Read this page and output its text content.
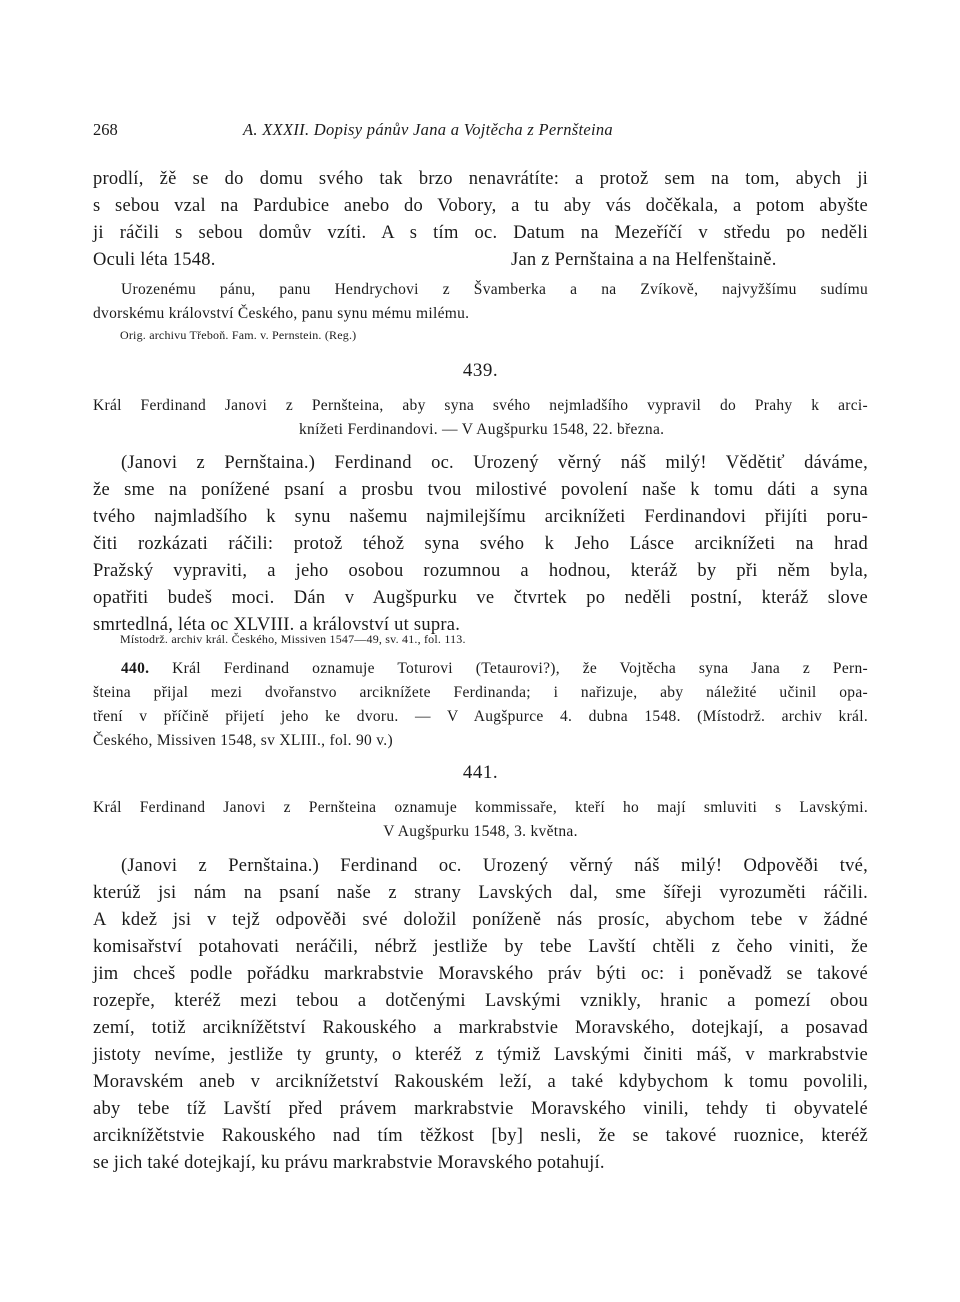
268	A. XXXII. Dopisy pánův Jana a Vojtěcha z Pernšteina
prodlí, žě se do domu svého tak brzo nenavrátíte: a protož sem na tom, abych ji
s sebou vzal na Pardubice anebo do Vobory, a tu aby vás dočěkala, a potom abyšte
ji ráčili s sebou domův vzíti. A s tím oc. Datum na Mezeříčí v středu po neděli
Oculi léta 1548.	Jan z Pernštaina a na Helfenštaině.
Urozenému pánu, panu Hendrychovi z Švamberka a na Zvíkově, najvyžšímu sudímu
dvorskému království Českého, panu synu mému milému.
Orig. archivu Třeboň. Fam. v. Pernstein. (Reg.)
439.
Král Ferdinand Janovi z Pernšteina, aby syna svého nejmladšího vypravil do Prahy k arci-
knížeti Ferdinandovi. — V Augšpurku 1548, 22. března.
(Janovi z Pernštaina.) Ferdinand oc. Urozený věrný náš milý! Vědětiť dáváme,
že sme na ponížené psaní a prosbu tvou milostivé povolení naše k tomu dáti a syna
tvého najmladšího k synu našemu najmilejšímu arciknížeti Ferdinandovi přijíti poru-
čiti rozkázati ráčili: protož téhož syna svého k Jeho Lásce arciknížeti na hrad
Pražský vypraviti, a jeho osobou rozumnou a hodnou, kteráž by při něm byla,
opatřiti budeš moci. Dán v Augšpurku ve čtvrtek po neděli postní, kteráž slove
smrtedlná, léta oc XLVIII. a království ut supra.
Místodrž. archiv král. Českého, Missiven 1547—49, sv. 41., fol. 113.
440. Král Ferdinand oznamuje Toturovi (Tetaurovi?), že Vojtěcha syna Jana z Pern-
šteina přijal mezi dvořanstvo arciknížete Ferdinanda; i nařizuje, aby náležité učinil opa-
tření v příčině přijetí jeho ke dvoru. — V Augšpurce 4. dubna 1548. (Místodrž. archiv král.
Českého, Missiven 1548, sv XLIII., fol. 90 v.)
441.
Král Ferdinand Janovi z Pernšteina oznamuje kommissaře, kteří ho mají smluviti s Lavskými.
V Augšpurku 1548, 3. května.
(Janovi z Pernštaina.) Ferdinand oc. Urozený věrný náš milý! Odpověði tvé,
kterúž jsi nám na psaní naše z strany Lavských dal, sme šířeji vyrozuměti ráčili.
A kdež jsi v tejž odpověði své doložil poníženě nás prosíc, abychom tebe v žádné
komisařství potahovati neráčili, nébrž jestliže by tebe Lavští chtěli z čeho viniti, že
jim chceš podle pořádku markrabstvie Moravského práv býti oc: i poněvadž se takové
rozepře, kteréž mezi tebou a dotčenými Lavskými vznikly, hranic a pomezí obou
zemí, totiž arciknížětství Rakouského a markrabstvie Moravského, dotejkají, a posavad
jistoty nevíme, jestliže ty grunty, o kteréž z týmiž Lavskými činiti máš, v markrabstvie
Moravském aneb v arciknížetství Rakouském leží, a také kdybychom k tomu povolili,
aby tebe tíž Lavští před právem markrabstvie Moravského vinili, tehdy ti obyvatelé
arciknížětstvie Rakouského nad tím těžkost [by] nesli, že se takové ruoznice, kteréž
se jich také dotejkají, ku právu markrabstvie Moravského potahují.
